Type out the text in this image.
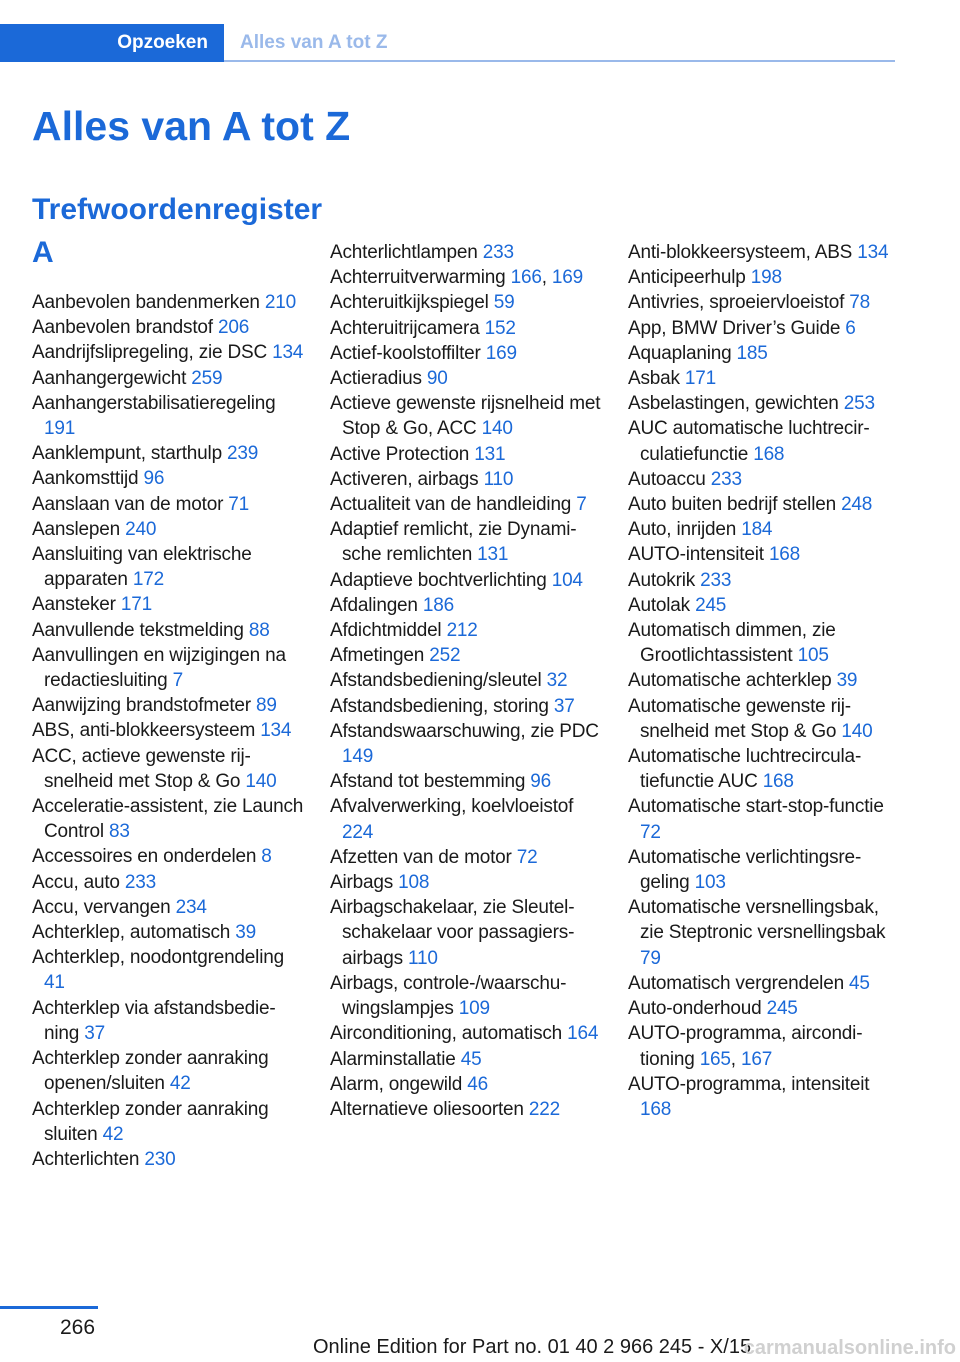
Opzoeken Alles van A tot Z
Alles van A tot Z
Trefwoordenregister
A
Aanbevolen bandenmerken 210
Aanbevolen brandstof 206
Aandrijfslipregeling, zie DSC 134
Aanhangergewicht 259
Aanhangerstabilisatieregeling 191
Aanklempunt, starthulp 239
Aankomsttijd 96
Aanslaan van de motor 71
Aanslepen 240
Aansluiting van elektrische apparaten 172
Aansteker 171
Aanvullende tekstmelding 88
Aanvullingen en wijzigingen na redactiesluiting 7
Aanwijzing brandstofmeter 89
ABS, anti-blokkeersysteem 134
ACC, actieve gewenste rijsnelheid met Stop & Go 140
Acceleratie-assistent, zie Launch Control 83
Accessoires en onderdelen 8
Accu, auto 233
Accu, vervangen 234
Achterklep, automatisch 39
Achterklep, noodontgrendeling 41
Achterklep via afstandsbediening 37
Achterklep zonder aanraking openen/sluiten 42
Achterklep zonder aanraking sluiten 42
Achterlichten 230
Achterlichtlampen 233
Achterruitverwarming 166, 169
Achteruitkijkspiegel 59
Achteruitrijcamera 152
Actief-koolstoffilter 169
Actieradius 90
Actieve gewenste rijsnelheid met Stop & Go, ACC 140
Active Protection 131
Activeren, airbags 110
Actualiteit van de handleiding 7
Adaptief remlicht, zie Dynamische remlichten 131
Adaptieve bochtverlichting 104
Afdalingen 186
Afdichtmiddel 212
Afmetingen 252
Afstandsbediening/sleutel 32
Afstandsbediening, storing 37
Afstandswaarschuwing, zie PDC 149
Afstand tot bestemming 96
Afvalverwerking, koelvloeistof 224
Afzetten van de motor 72
Airbags 108
Airbagschakelaar, zie Sleutelschakelaar voor passagiersairbags 110
Airbags, controle-/waarschuwingslampjes 109
Airconditioning, automatisch 164
Alarminstallatie 45
Alarm, ongewild 46
Alternatieve oliesoorten 222
Anti-blokkeersysteem, ABS 134
Anticipeerhulp 198
Antivries, sproeiervloeistof 78
App, BMW Driver’s Guide 6
Aquaplaning 185
Asbak 171
Asbelastingen, gewichten 253
AUC automatische luchtrecirculatiefunctie 168
Autoaccu 233
Auto buiten bedrijf stellen 248
Auto, inrijden 184
AUTO-intensiteit 168
Autokrik 233
Autolak 245
Automatisch dimmen, zie Grootlichtassistent 105
Automatische achterklep 39
Automatische gewenste rijsnelheid met Stop & Go 140
Automatische luchtrecirculatiefunctie AUC 168
Automatische start-stop-functie 72
Automatische verlichtingsregeling 103
Automatische versnellingsbak, zie Steptronic versnellingsbak 79
Automatisch vergrendelen 45
Auto-onderhoud 245
AUTO-programma, airconditioning 165, 167
AUTO-programma, intensiteit 168
266
Online Edition for Part no. 01 40 2 966 245 - X/15
carmanualsonline.info
